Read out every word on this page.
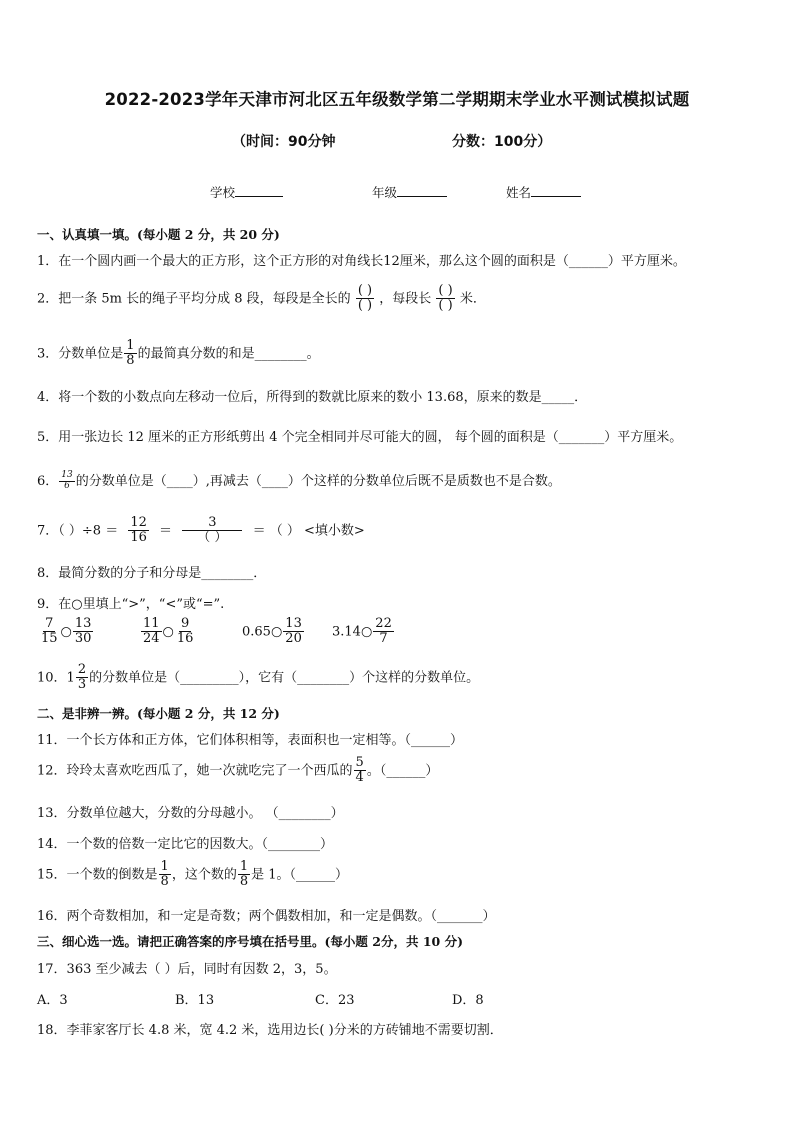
2022-2023学年天津市河北区五年级数学第二学期期末学业水平测试模拟试题
（时间：90分钟	分数：100分）
学校	年级	姓名
一、认真填一填。(每小题 2 分，共 20 分)
1．在一个圆内画一个最大的正方形，这个正方形的对角线长12厘米，那么这个圆的面积是（______）平方厘米。
2．把一条 5m 长的绳子平均分成 8 段，每段是全长的 $\frac{( )}{( )}$ ，每段长 $\frac{( )}{( )}$ 米．
3．分数单位是 $\frac{1}{8}$ 的最简真分数的和是________。
4．将一个数的小数点向左移动一位后，所得到的数就比原来的数小 13.68，原来的数是_____．
5．用一张边长 12 厘米的正方形纸剪出 4 个完全相同并尽可能大的圆， 每个圆的面积是（_______）平方厘米。
6． $\frac{13}{6}$ 的分数单位是（____）,再减去（____）个这样的分数单位后既不是质数也不是合数。
7．（ ）$\div 8 = \frac{12}{16} = \frac{3}{( )}$ ＝ （ ） <填小数>
8．最简分数的分子和分母是________．
9．在○里填上“>”，“<”或“=”.
$\frac{7}{15}$ ○ $\frac{13}{30}$	$\frac{11}{24}$ ○ $\frac{9}{16}$	0.65○ $\frac{13}{20}$ 3.14○ $\frac{22}{7}$
10．$1 \frac{2}{3}$ 的分数单位是（_________），它有（________）个这样的分数单位。
二、是非辨一辨。(每小题 2 分，共 12 分)
11．一个长方体和正方体，它们体积相等，表面积也一定相等。（______）
12．玲玲太喜欢吃西瓜了，她一次就吃完了一个西瓜的 $\frac{5}{4}$ 。（______）
13．分数单位越大，分数的分母越小。 （________）
14．一个数的倍数一定比它的因数大。（________）
15．一个数的倒数是 $\frac{1}{8}$ ，这个数的 $\frac{1}{8}$ 是 1。（______）
16．两个奇数相加，和一定是奇数；两个偶数相加，和一定是偶数。（_______）
三、细心选一选。请把正确答案的序号填在括号里。(每小题 2分，共 10 分)
17．363 至少减去（ ）后，同时有因数 2，3，5。
A．3	B．13	C．23	D．8
18．李菲家客厅长 4.8 米，宽 4.2 米，选用边长( )分米的方砖铺地不需要切割．
